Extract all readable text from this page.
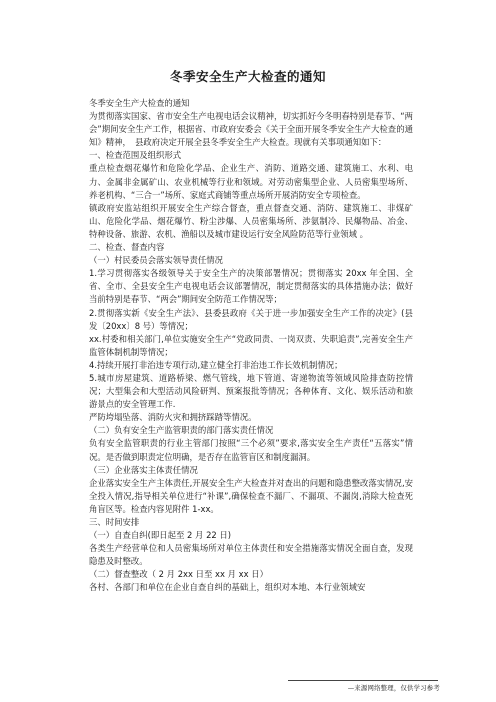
冬季安全生产大检查的通知

冬季安全生产大检查的通知

为贯彻落实国家、省市安全生产电视电话会议精神，切实抓好今冬明春特别是春节、“两会”期间安全生产工作，根据省、市政府安委会《关于全面开展冬季安全生产大检查的通知》精神，　县政府决定开展全县冬季安全生产大检查。现就有关事项通知如下：

一、检查范围及组织形式

重点检查烟花爆竹和危险化学品、企业生产、消防、道路交通、建筑施工、水利、电力、金属非金属矿山、农业机械等行业和领域。对劳动密集型企业、人员密集型场所、养老机构、“三合一”场所、家庭式商铺等重点场所开展消防安全专项检查。

镇政府安监站组织开展安全生产综合督查，重点督查交通、消防、建筑施工、非煤矿山、危险化学品、烟花爆竹、粉尘涉爆、人员密集场所、涉氨制冷、民爆物品、冶金、特种设备、旅游、农机、渔船以及城市建设运行安全风险防范等行业领域 。

二、检查、督查内容

（一）村民委员会落实领导责任情况

1.学习贯彻落实各级领导关于安全生产的决策部署情况；贯彻落实 20xx 年全国、全省、全市、全县安全生产电视电话会议部署情况，制定贯彻落实的具体措施办法；做好当前特别是春节、“两会”期间安全防范工作情况等；

2.贯彻落实新《安全生产法》、县委县政府《关于进一步加强安全生产工作的决定》(县发〔20xx〕8 号）等情况；

xx.村委和相关部门,单位实施安全生产“党政同责、一岗双责、失职追责”,完善安全生产监管体制机制等情况；

4.持续开展打非治违专项行动,建立健全打非治违工作长效机制情况；

5.城市房屋建筑、道路桥梁、燃气管线，地下管道、寄递物流等领域风险排查防控情况；大型集会和大型活动风险研判、预案报批等情况；各种体育、文化、娱乐活动和旅游景点的安全管理工作.

严防垮塌坠落、消防火灾和拥挤踩踏等情况。

（二）负有安全生产监管职责的部门落实责任情况

负有安全监管职责的行业主管部门按照“三个必须”要求,落实安全生产责任“五落实”情况。是否做到职责定位明确，是否存在监管盲区和制度漏洞。

（三）企业落实主体责任情况

企业落实安全生产主体责任,开展安全生产大检查并对查出的问题和隐患整改落实情况,安全投入情况,指导相关单位进行“补课”,确保检查不漏厂、不漏项、不漏岗,消除大检查死角盲区等。检查内容见附件 1-xx。

三、时间安排

（一）自查自纠(即日起至 2 月 22 日)

各类生产经营单位和人员密集场所对单位主体责任和安全措施落实情况全面自查，发现隐患及时整改。

（二）督查整改（ 2 月 2xx 日至 xx 月 xx 日）

各村、各部门和单位在企业自查自纠的基础上，组织对本地、本行业领域安

—来源网络整理，仅供学习参考
